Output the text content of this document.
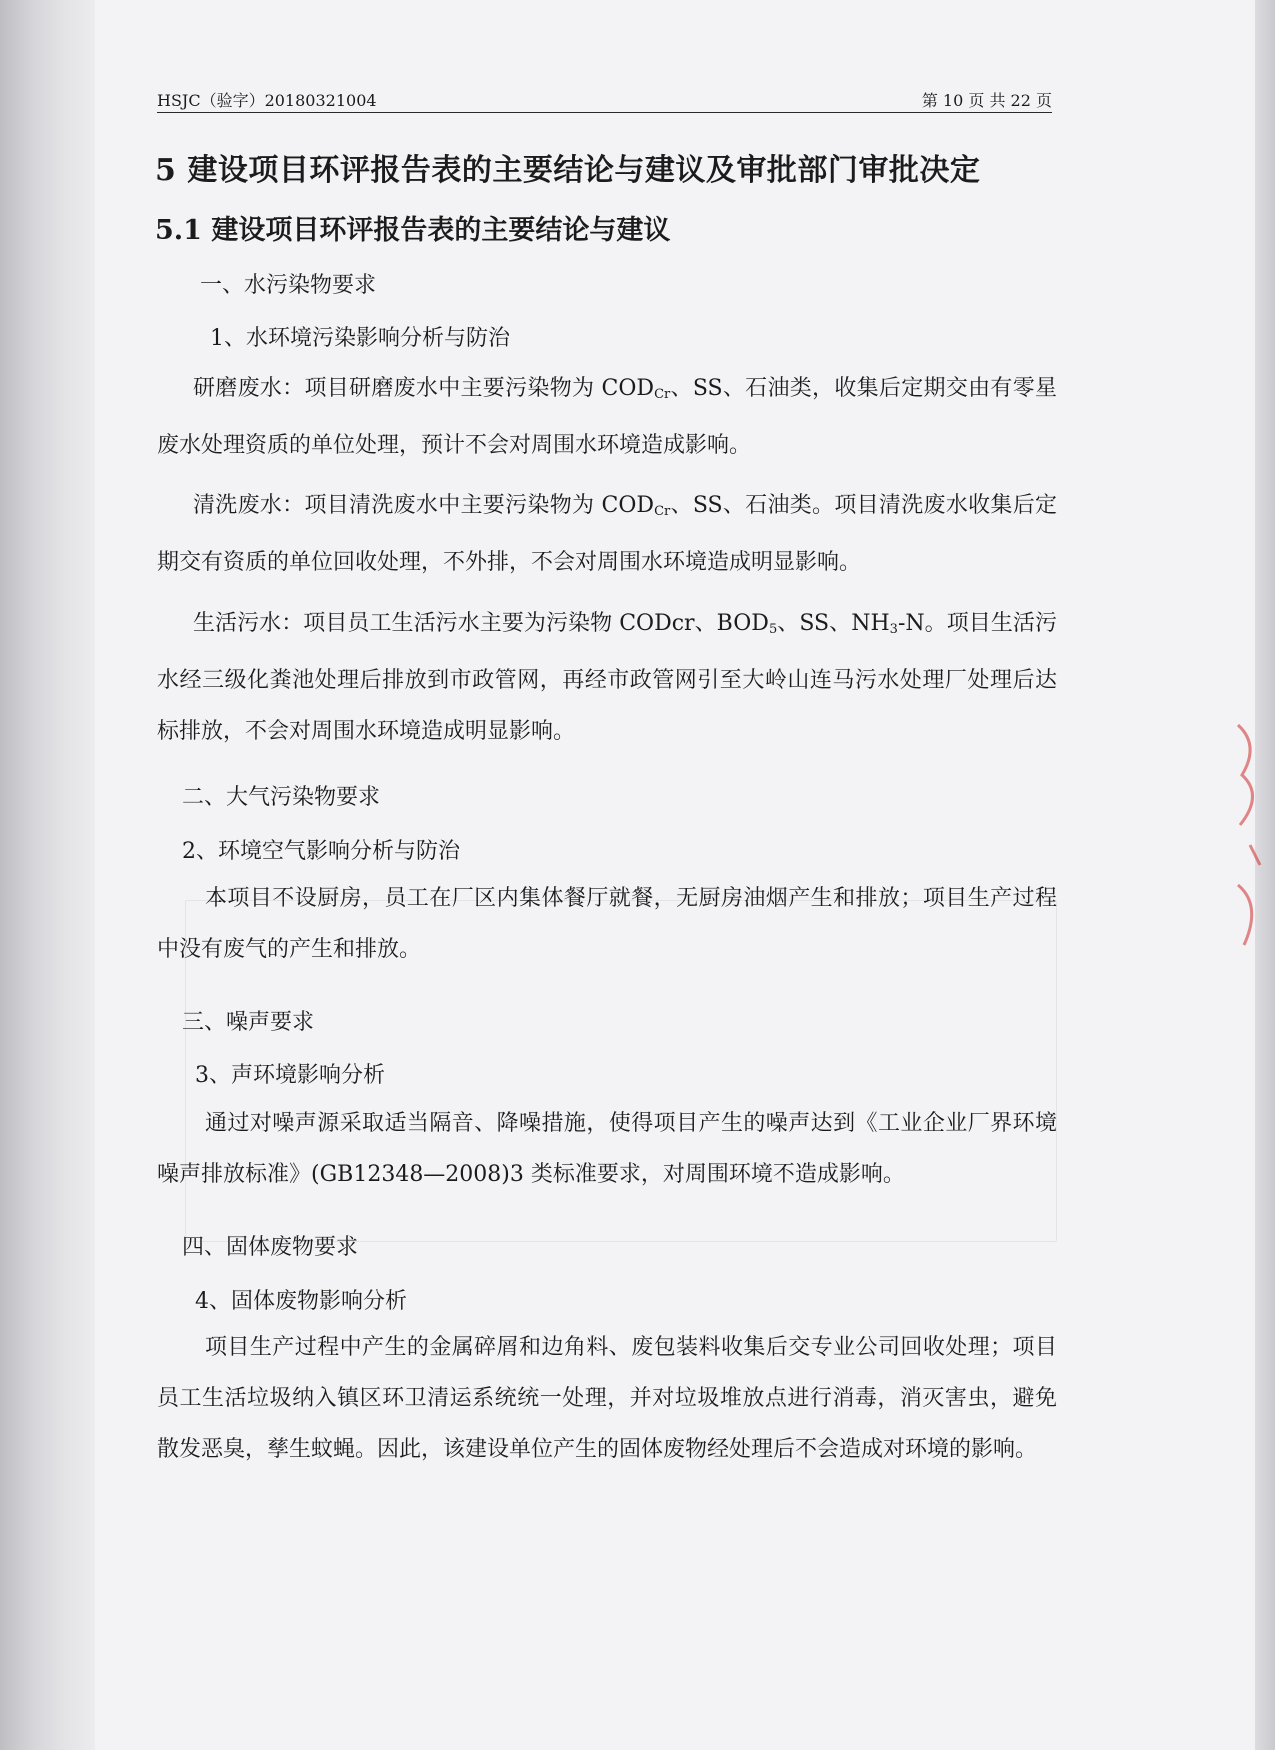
HSJC（验字）20180321004	第 10 页 共 22 页
5 建设项目环评报告表的主要结论与建议及审批部门审批决定
5.1 建设项目环评报告表的主要结论与建议
一、水污染物要求
1、水环境污染影响分析与防治
研磨废水：项目研磨废水中主要污染物为 $COD_{Cr}$、SS、石油类，收集后定期交由有零星废水处理资质的单位处理，预计不会对周围水环境造成影响。
清洗废水：项目清洗废水中主要污染物为 $COD_{Cr}$、SS、石油类。项目清洗废水收集后定期交有资质的单位回收处理，不外排，不会对周围水环境造成明显影响。
生活污水：项目员工生活污水主要为污染物 CODcr、$BOD_5$、SS、$NH_3-N$。项目生活污水经三级化粪池处理后排放到市政管网，再经市政管网引至大岭山连马污水处理厂处理后达标排放，不会对周围水环境造成明显影响。
二、大气污染物要求
2、环境空气影响分析与防治
本项目不设厨房，员工在厂区内集体餐厅就餐，无厨房油烟产生和排放；项目生产过程中没有废气的产生和排放。
三、噪声要求
3、声环境影响分析
通过对噪声源采取适当隔音、降噪措施，使得项目产生的噪声达到《工业企业厂界环境噪声排放标准》(GB12348—2008)3 类标准要求，对周围环境不造成影响。
四、固体废物要求
4、固体废物影响分析
项目生产过程中产生的金属碎屑和边角料、废包装料收集后交专业公司回收处理；项目员工生活垃圾纳入镇区环卫清运系统统一处理，并对垃圾堆放点进行消毒，消灭害虫，避免散发恶臭，孳生蚊蝇。因此，该建设单位产生的固体废物经处理后不会造成对环境的影响。
